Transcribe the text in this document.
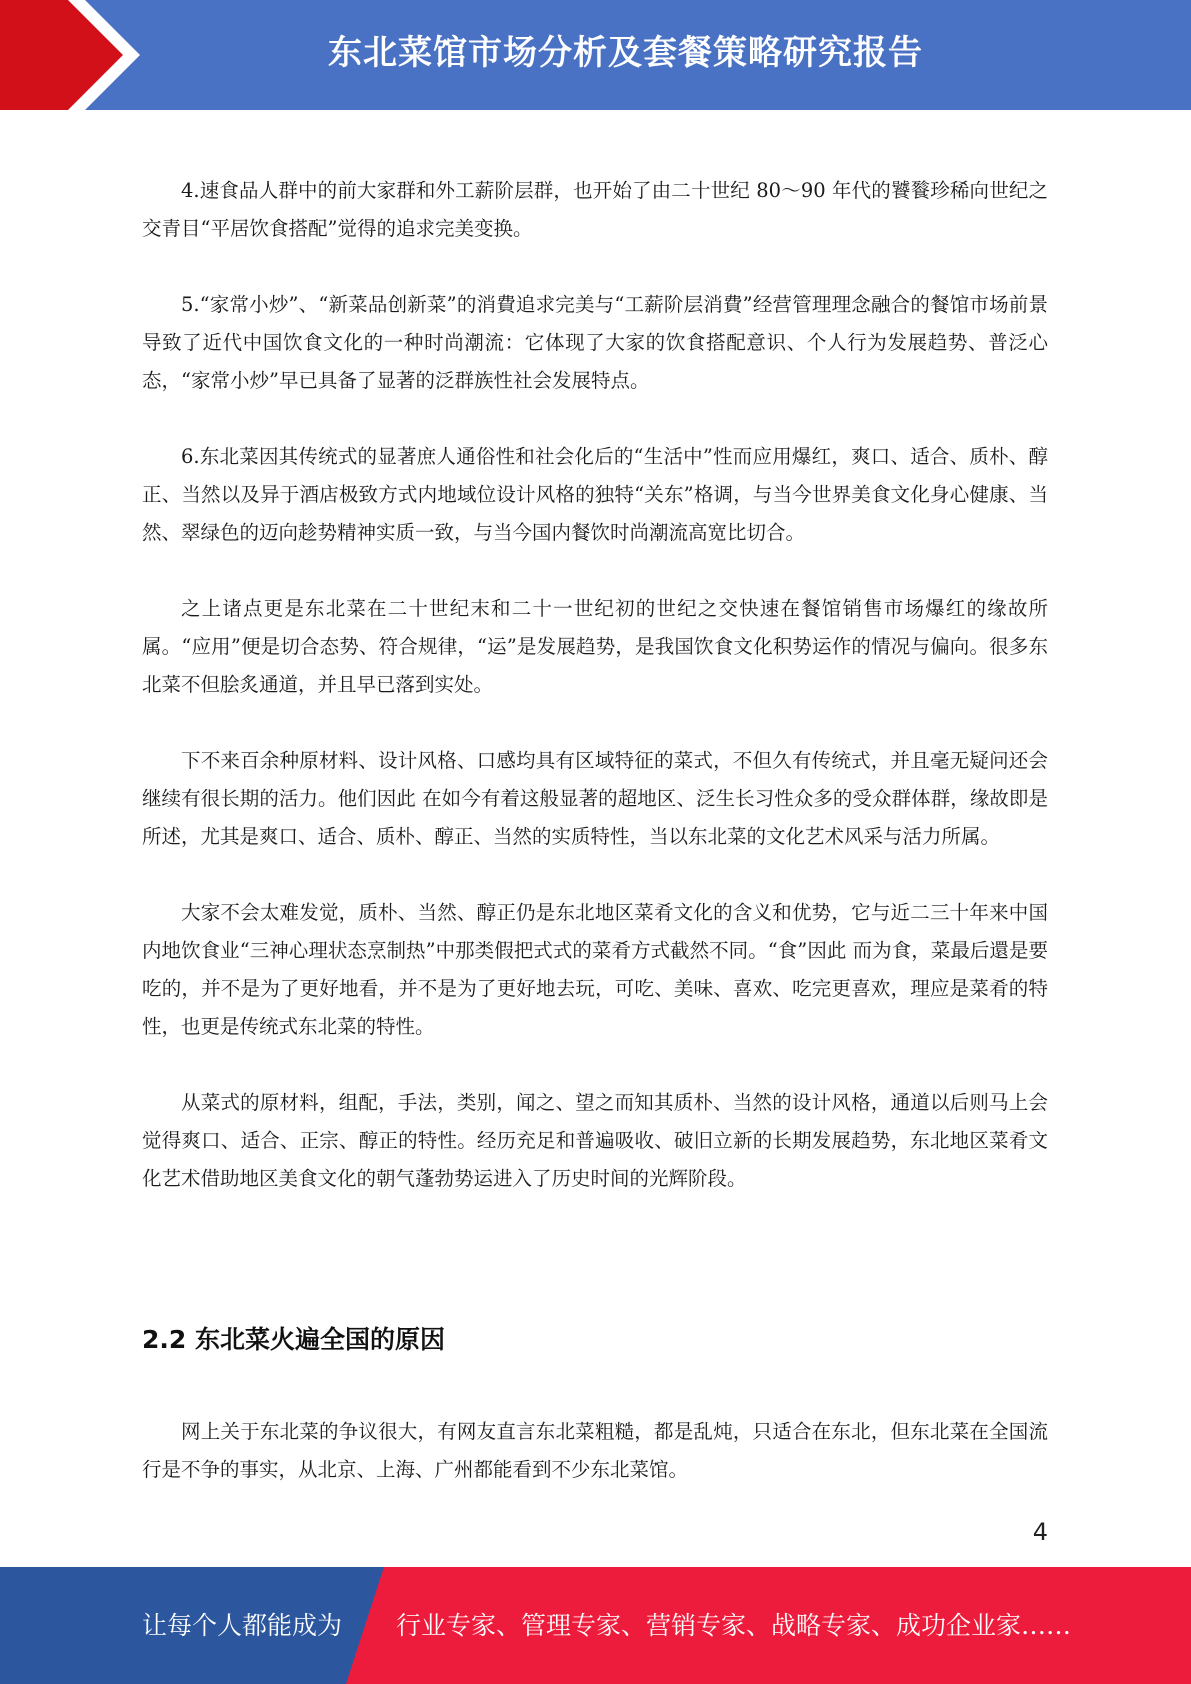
东北菜馆市场分析及套餐策略研究报告

4.速食品人群中的前大家群和外工薪阶层群，也开始了由二十世纪 80～90 年代的饕餮珍稀向世纪之交青目“平居饮食搭配”觉得的追求完美变换。

5.“家常小炒”、“新菜品创新菜”的消費追求完美与“工薪阶层消費”经营管理理念融合的餐馆市场前景导致了近代中国饮食文化的一种时尚潮流：它体现了大家的饮食搭配意识、个人行为发展趋势、普泛心态，“家常小炒”早已具备了显著的泛群族性社会发展特点。

6.东北菜因其传统式的显著庶人通俗性和社会化后的“生活中”性而应用爆红，爽口、适合、质朴、醇正、当然以及异于酒店极致方式内地域位设计风格的独特“关东”格调，与当今世界美食文化身心健康、当然、翠绿色的迈向趁势精神实质一致，与当今国内餐饮时尚潮流高宽比切合。

之上诸点更是东北菜在二十世纪末和二十一世纪初的世纪之交快速在餐馆销售市场爆红的缘故所属。“应用”便是切合态势、符合规律，“运”是发展趋势，是我国饮食文化积势运作的情况与偏向。很多东北菜不但脍炙通道，并且早已落到实处。

下不来百余种原材料、设计风格、口感均具有区域特征的菜式，不但久有传统式，并且毫无疑问还会继续有很长期的活力。他们因此 在如今有着这般显著的超地区、泛生长习性众多的受众群体群，缘故即是所述，尤其是爽口、适合、质朴、醇正、当然的实质特性，当以东北菜的文化艺术风采与活力所属。

大家不会太难发觉，质朴、当然、醇正仍是东北地区菜肴文化的含义和优势，它与近二三十年来中国内地饮食业“三神心理状态烹制热”中那类假把式式的菜肴方式截然不同。“食”因此 而为食，菜最后還是要吃的，并不是为了更好地看，并不是为了更好地去玩，可吃、美味、喜欢、吃完更喜欢，理应是菜肴的特性，也更是传统式东北菜的特性。

从菜式的原材料，组配，手法，类别，闻之、望之而知其质朴、当然的设计风格，通道以后则马上会觉得爽口、适合、正宗、醇正的特性。经历充足和普遍吸收、破旧立新的长期发展趋势，东北地区菜肴文化艺术借助地区美食文化的朝气蓬勃势运进入了历史时间的光辉阶段。

2.2 东北菜火遍全国的原因

网上关于东北菜的争议很大，有网友直言东北菜粗糙，都是乱炖，只适合在东北，但东北菜在全国流行是不争的事实，从北京、上海、广州都能看到不少东北菜馆。

4
让每个人都能成为 行业专家、管理专家、营销专家、战略专家、成功企业家……
